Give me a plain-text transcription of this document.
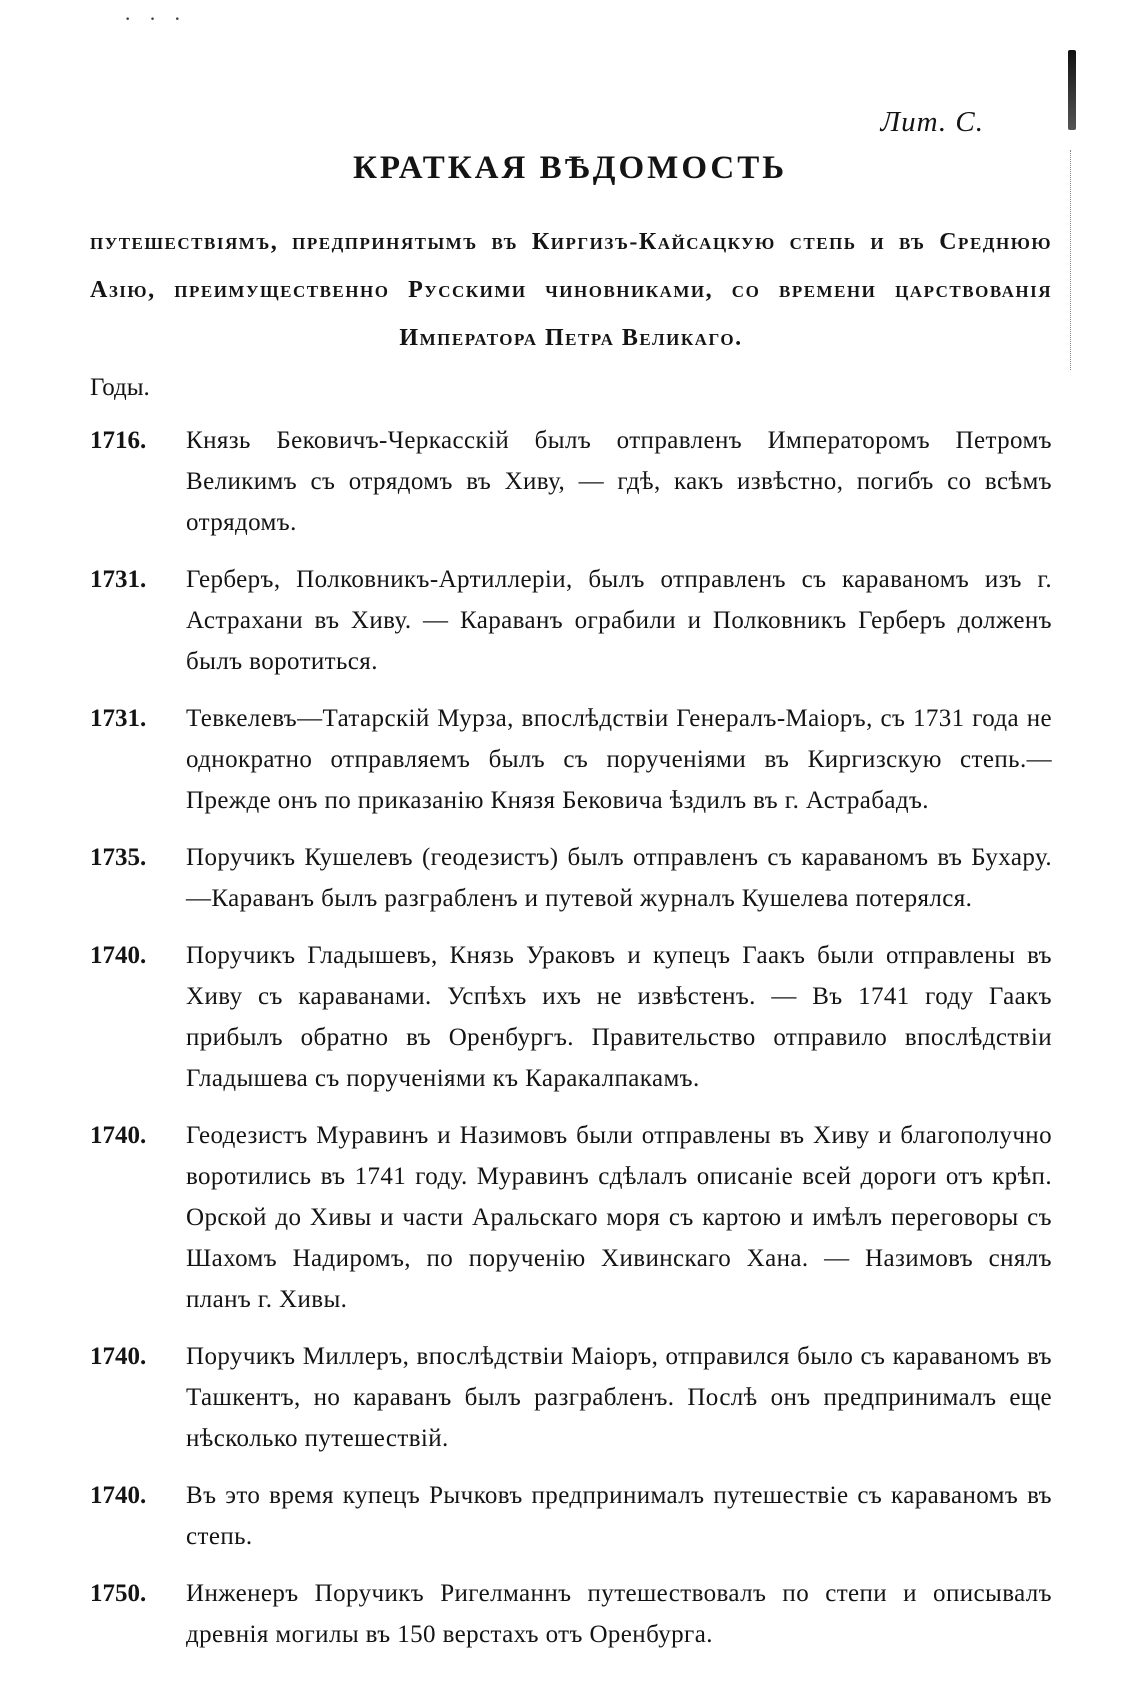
· · ·
Лит. С.
КРАТКАЯ ВѢДОМОСТЬ
путешествіямъ, предпринятымъ въ Киргизъ-Кайсацкую степь и въ Среднюю Азію, преимущественно Русскими чиновниками, со времени царствованія Императора Петра Великаго.
Годы.
1716.	Князь Бековичъ-Черкасскій былъ отправленъ Императоромъ Петромъ Великимъ съ отрядомъ въ Хиву, — гдѣ, какъ извѣстно, погибъ со всѣмъ отрядомъ.
1731.	Герберъ, Полковникъ-Артиллеріи, былъ отправленъ съ караваномъ изъ г. Астрахани въ Хиву. — Караванъ ограбили и Полковникъ Герберъ долженъ былъ воротиться.
1731.	Тевкелевъ—Татарскій Мурза, впослѣдствіи Генералъ-Маіоръ, съ 1731 года не однократно отправляемъ былъ съ порученіями въ Киргизскую степь.—Прежде онъ по приказанію Князя Бековича ѣздилъ въ г. Астрабадъ.
1735.	Поручикъ Кушелевъ (геодезистъ) былъ отправленъ съ караваномъ въ Бухару.—Караванъ былъ разграбленъ и путевой журналъ Кушелева потерялся.
1740.	Поручикъ Гладышевъ, Князь Ураковъ и купецъ Гаакъ были отправлены въ Хиву съ караванами. Успѣхъ ихъ не извѣстенъ. — Въ 1741 году Гаакъ прибылъ обратно въ Оренбургъ. Правительство отправило впослѣдствіи Гладышева съ порученіями къ Каракалпакамъ.
1740.	Геодезистъ Муравинъ и Назимовъ были отправлены въ Хиву и благополучно воротились въ 1741 году. Муравинъ сдѣлалъ описаніе всей дороги отъ крѣп. Орской до Хивы и части Аральскаго моря съ картою и имѣлъ переговоры съ Шахомъ Надиромъ, по порученію Хивинскаго Хана. — Назимовъ снялъ планъ г. Хивы.
1740.	Поручикъ Миллеръ, впослѣдствіи Маіоръ, отправился было съ караваномъ въ Ташкентъ, но караванъ былъ разграбленъ. Послѣ онъ предпринималъ еще нѣсколько путешествій.
1740.	Въ это время купецъ Рычковъ предпринималъ путешествіе съ караваномъ въ степь.
1750.	Инженеръ Поручикъ Ригелманнъ путешествовалъ по степи и описывалъ древнія могилы въ 150 верстахъ отъ Оренбурга.
